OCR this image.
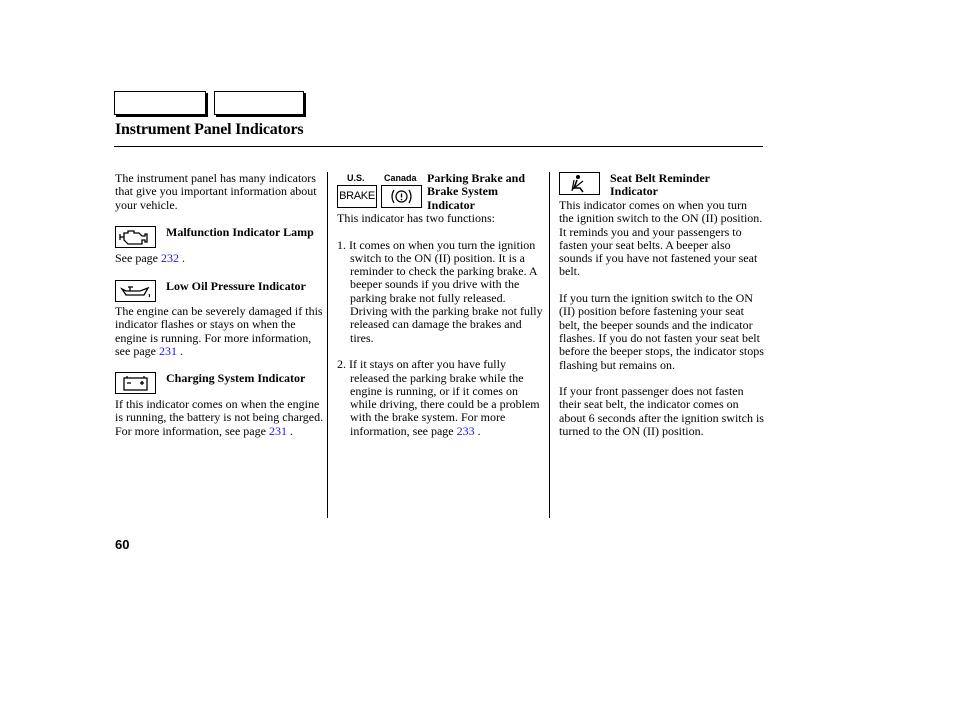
Instrument Panel Indicators

The instrument panel has many indicators that give you important information about your vehicle.

Malfunction Indicator Lamp
See page 232 .
Low Oil Pressure Indicator
The engine can be severely damaged if this indicator flashes or stays on when the engine is running. For more information, see page 231 .
Charging System Indicator
If this indicator comes on when the engine is running, the battery is not being charged. For more information, see page 231 .
U.S. Canada
BRAKE
Parking Brake and Brake System Indicator

This indicator has two functions:

1. It comes on when you turn the ignition switch to the ON (II) position. It is a reminder to check the parking brake. A beeper sounds if you drive with the parking brake not fully released. Driving with the parking brake not fully released can damage the brakes and tires.

2. If it stays on after you have fully released the parking brake while the engine is running, or if it comes on while driving, there could be a problem with the brake system. For more information, see page 233 .

Seat Belt Reminder Indicator

This indicator comes on when you turn the ignition switch to the ON (II) position. It reminds you and your passengers to fasten your seat belts. A beeper also sounds if you have not fastened your seat belt.

If you turn the ignition switch to the ON (II) position before fastening your seat belt, the beeper sounds and the indicator flashes. If you do not fasten your seat belt before the beeper stops, the indicator stops flashing but remains on.

If your front passenger does not fasten their seat belt, the indicator comes on about 6 seconds after the ignition switch is turned to the ON (II) position.

60
